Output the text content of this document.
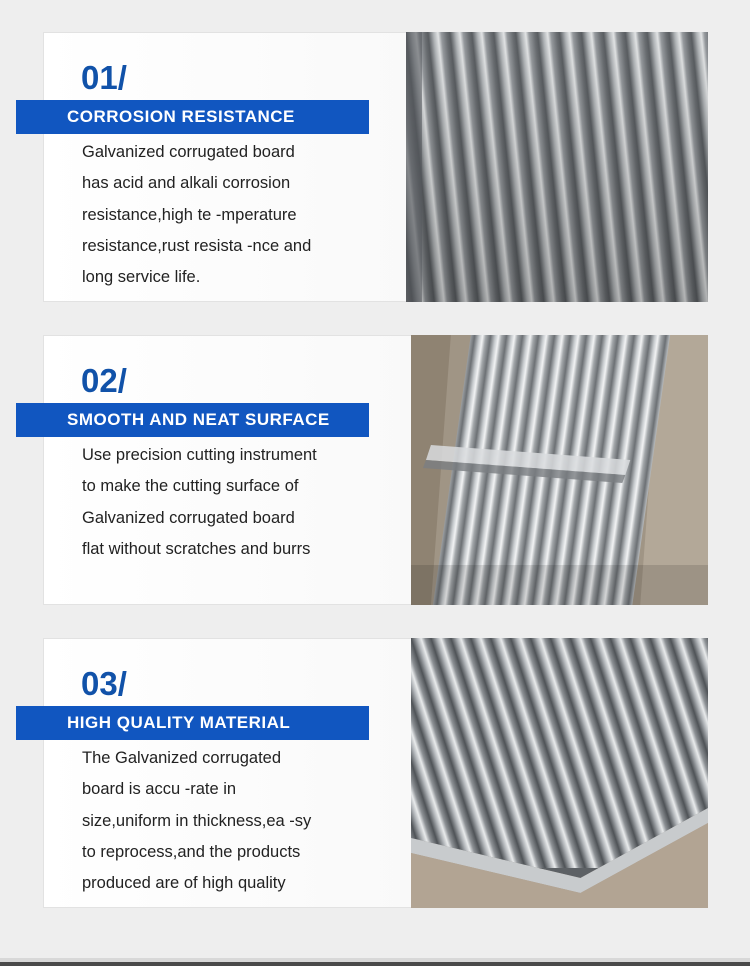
01/
Galvanized corrugated board
has acid and alkali corrosion
resistance,high te -mperature
resistance,rust resista -nce and
long service life.
CORROSION RESISTANCE
02/
Use precision cutting instrument
to make the cutting surface of
Galvanized corrugated board
flat without scratches and burrs
SMOOTH AND NEAT SURFACE
03/
The Galvanized corrugated
board is accu -rate in
size,uniform in thickness,ea -sy
to reprocess,and the products
produced are of high quality
HIGH QUALITY MATERIAL
